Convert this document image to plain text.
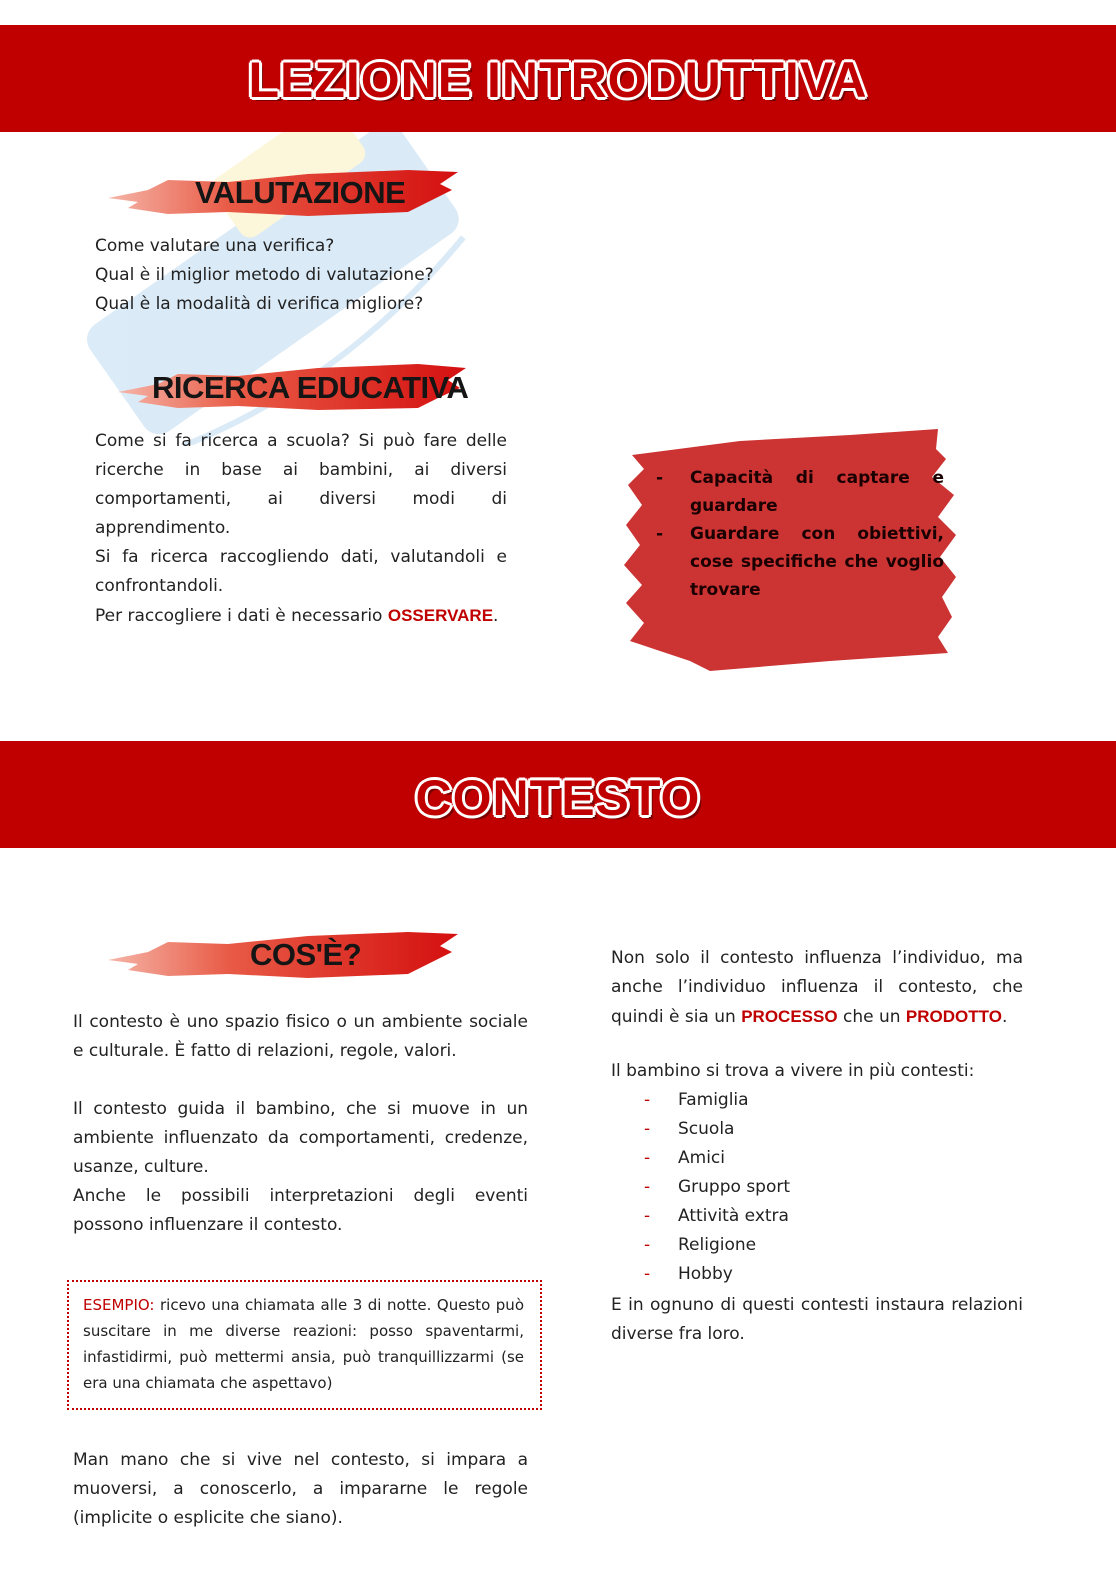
LEZIONE INTRODUTTIVA
VALUTAZIONE

Come valutare una verifica?

Qual è il miglior metodo di valutazione?

Qual è la modalità di verifica migliore?

RICERCA EDUCATIVA

Come si fa ricerca a scuola? Si può fare delle ricerche in base ai bambini, ai diversi comportamenti, ai diversi modi di apprendimento.

Si fa ricerca raccogliendo dati, valutandoli e confrontandoli.

Per raccogliere i dati è necessario OSSERVARE.

- Capacità di captare e guardare
- Guardare con obiettivi, cose specifiche che voglio trovare
CONTESTO
COS'È?

Il contesto è uno spazio fisico o un ambiente sociale e culturale. È fatto di relazioni, regole, valori.

Il contesto guida il bambino, che si muove in un ambiente influenzato da comportamenti, credenze, usanze, culture.

Anche le possibili interpretazioni degli eventi possono influenzare il contesto.

ESEMPIO: ricevo una chiamata alle 3 di notte. Questo può suscitare in me diverse reazioni: posso spaventarmi, infastidirmi, può mettermi ansia, può tranquillizzarmi (se era una chiamata che aspettavo)
Man mano che si vive nel contesto, si impara a muoversi, a conoscerlo, a impararne le regole (implicite o esplicite che siano).
Non solo il contesto influenza l’individuo, ma anche l’individuo influenza il contesto, che quindi è sia un PROCESSO che un PRODOTTO.
Il bambino si trova a vivere in più contesti:
- Famiglia
- Scuola
- Amici
- Gruppo sport
- Attività extra
- Religione
- Hobby
E in ognuno di questi contesti instaura relazioni diverse fra loro.
